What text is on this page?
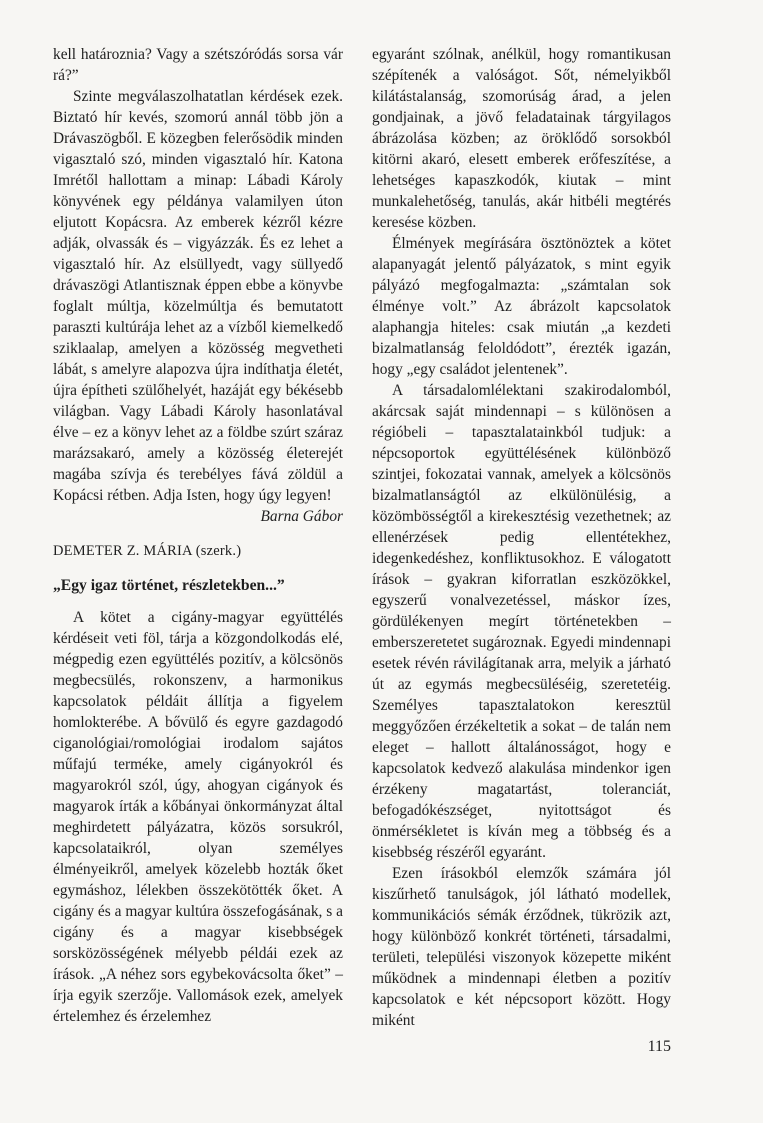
kell határoznia? Vagy a szétszóródás sorsa vár rá?”

Szinte megválaszolhatatlan kérdések ezek. Biztató hír kevés, szomorú annál több jön a Drávaszögből. E közegben felerősödik minden vigasztaló szó, minden vigasztaló hír. Katona Imrétől hallottam a minap: Lábadi Károly könyvének egy példánya valamilyen úton eljutott Kopácsra. Az emberek kézről kézre adják, olvassák és – vigyázzák. És ez lehet a vigasztaló hír. Az elsüllyedt, vagy süllyedő drávaszögi Atlantisznak éppen ebbe a könyvbe foglalt múltja, közelmúltja és bemutatott paraszti kultúrája lehet az a vízből kiemelkedő sziklaalap, amelyen a közösség megvetheti lábát, s amelyre alapozva újra indíthatja életét, újra építheti szülőhelyét, hazáját egy békésebb világban. Vagy Lábadi Károly hasonlatával élve – ez a könyv lehet az a földbe szúrt száraz marázsakaró, amely a közösség életerejét magába szívja és terebélyes fává zöldül a Kopácsi rétben. Adja Isten, hogy úgy legyen!

Barna Gábor

DEMETER Z. MÁRIA (szerk.)

„Egy igaz történet, részletekben...”

A kötet a cigány-magyar együttélés kérdéseit veti föl, tárja a közgondolkodás elé, mégpedig ezen együttélés pozitív, a kölcsönös megbecsülés, rokonszenv, a harmonikus kapcsolatok példáit állítja a figyelem homlokterébe. A bővülő és egyre gazdagodó ciganológiai/romológiai irodalom sajátos műfajú terméke, amely cigányokról és magyarokról szól, úgy, ahogyan cigányok és magyarok írták a kőbányai önkormányzat által meghirdetett pályázatra, közös sorsukról, kapcsolataikról, olyan személyes élményeikről, amelyek közelebb hozták őket egymáshoz, lélekben összekötötték őket. A cigány és a magyar kultúra összefogásának, s a cigány és a magyar kisebbségek sorsközösségének mélyebb példái ezek az írások. „A néhez sors egybekovácsolta őket” – írja egyik szerzője. Vallomások ezek, amelyek értelemhez és érzelemhez

egyaránt szólnak, anélkül, hogy romantikusan szépítenék a valóságot. Sőt, némelyikből kilátástalanság, szomorúság árad, a jelen gondjainak, a jövő feladatainak tárgyilagos ábrázolása közben; az öröklődő sorsokból kitörni akaró, elesett emberek erőfeszítése, a lehetséges kapaszkodók, kiutak – mint munkalehetőség, tanulás, akár hitbéli megtérés keresése közben.

Élmények megírására ösztönöztek a kötet alapanyagát jelentő pályázatok, s mint egyik pályázó megfogalmazta: „számtalan sok élménye volt.” Az ábrázolt kapcsolatok alaphangja hiteles: csak miután „a kezdeti bizalmatlanság feloldódott”, érezték igazán, hogy „egy családot jelentenek”.

A társadalomlélektani szakirodalomból, akárcsak saját mindennapi – s különösen a régióbeli – tapasztalatainkból tudjuk: a népcsoportok együttélésének különböző szintjei, fokozatai vannak, amelyek a kölcsönös bizalmatlanságtól az elkülönülésig, a közömbösségtől a kirekesztésig vezethetnek; az ellenérzések pedig ellentétekhez, idegenkedéshez, konfliktusokhoz. E válogatott írások – gyakran kiforratlan eszközökkel, egyszerű vonalvezetéssel, máskor ízes, gördülékenyen megírt történetekben – emberszeretetet sugároznak. Egyedi mindennapi esetek révén rávilágítanak arra, melyik a járható út az egymás megbecsüléséig, szeretetéig. Személyes tapasztalatokon keresztül meggyőzően érzékeltetik a sokat – de talán nem eleget – hallott általánosságot, hogy e kapcsolatok kedvező alakulása mindenkor igen érzékeny magatartást, toleranciát, befogadókészséget, nyitottságot és önmérsékletet is kíván meg a többség és a kisebbség részéről egyaránt.

Ezen írásokból elemzők számára jól kiszűrhető tanulságok, jól látható modellek, kommunikációs sémák érződnek, tükrözik azt, hogy különböző konkrét történeti, társadalmi, területi, települési viszonyok közepette miként működnek a mindennapi életben a pozitív kapcsolatok e két népcsoport között. Hogy miként

115
